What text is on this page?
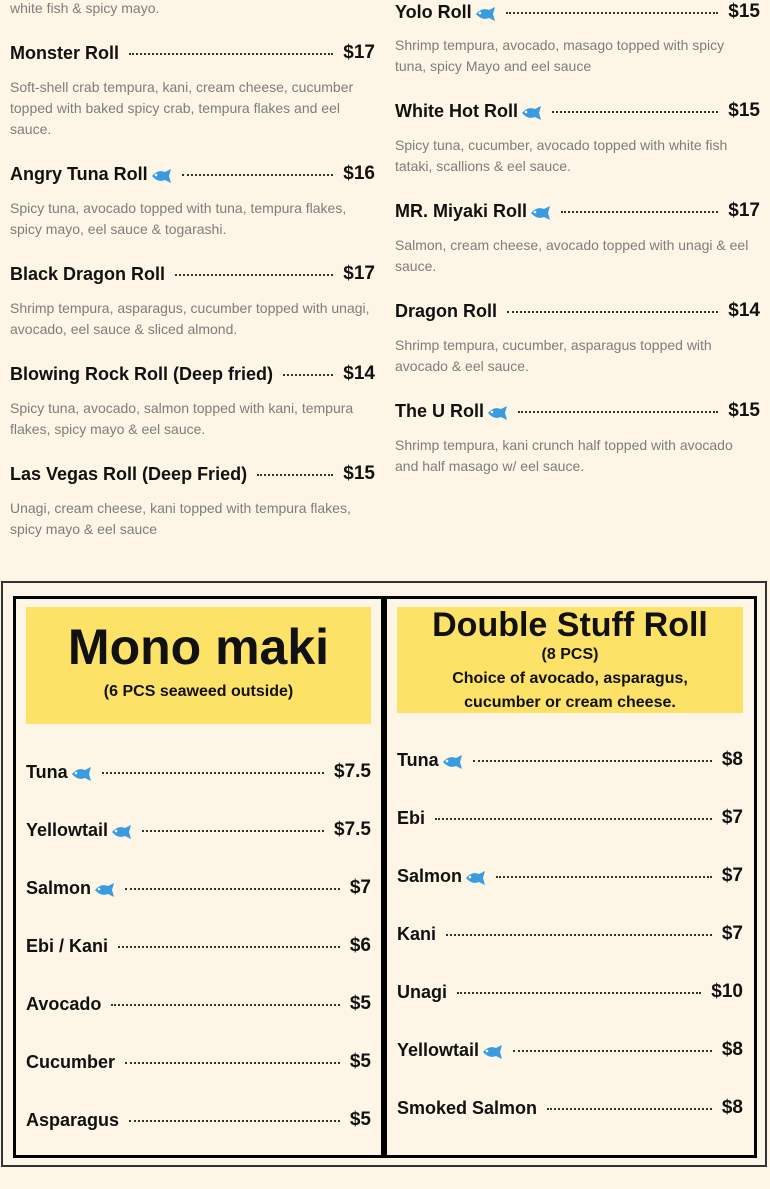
white fish & spicy mayo.
Monster Roll	$17
Soft-shell crab tempura, kani, cream cheese, cucumber topped with baked spicy crab, tempura flakes and eel sauce.
Angry Tuna Roll	$16
Spicy tuna, avocado topped with tuna, tempura flakes, spicy mayo, eel sauce & togarashi.
Black Dragon Roll	$17
Shrimp tempura, asparagus, cucumber topped with unagi, avocado, eel sauce & sliced almond.
Blowing Rock Roll (Deep fried)	$14
Spicy tuna, avocado, salmon topped with kani, tempura flakes, spicy mayo & eel sauce.
Las Vegas Roll (Deep Fried)	$15
Unagi, cream cheese, kani topped with tempura flakes, spicy mayo & eel sauce
Yolo Roll	$15
Shrimp tempura, avocado, masago topped with spicy tuna, spicy Mayo and eel sauce
White Hot Roll	$15
Spicy tuna, cucumber, avocado topped with white fish tataki, scallions & eel sauce.
MR. Miyaki Roll	$17
Salmon, cream cheese, avocado topped with unagi & eel sauce.
Dragon Roll	$14
Shrimp tempura, cucumber, asparagus topped with avocado & eel sauce.
The U Roll	$15
Shrimp tempura, kani crunch half topped with avocado and half masago w/ eel sauce.
Mono maki
(6 PCS seaweed outside)
Double Stuff Roll
(8 PCS)
Choice of avocado, asparagus,
cucumber or cream cheese.
Tuna	$7.5
Yellowtail	$7.5
Salmon	$7
Ebi / Kani	$6
Avocado	$5
Cucumber	$5
Asparagus	$5
Tuna	$8
Ebi	$7
Salmon	$7
Kani	$7
Unagi	$10
Yellowtail	$8
Smoked Salmon	$8
